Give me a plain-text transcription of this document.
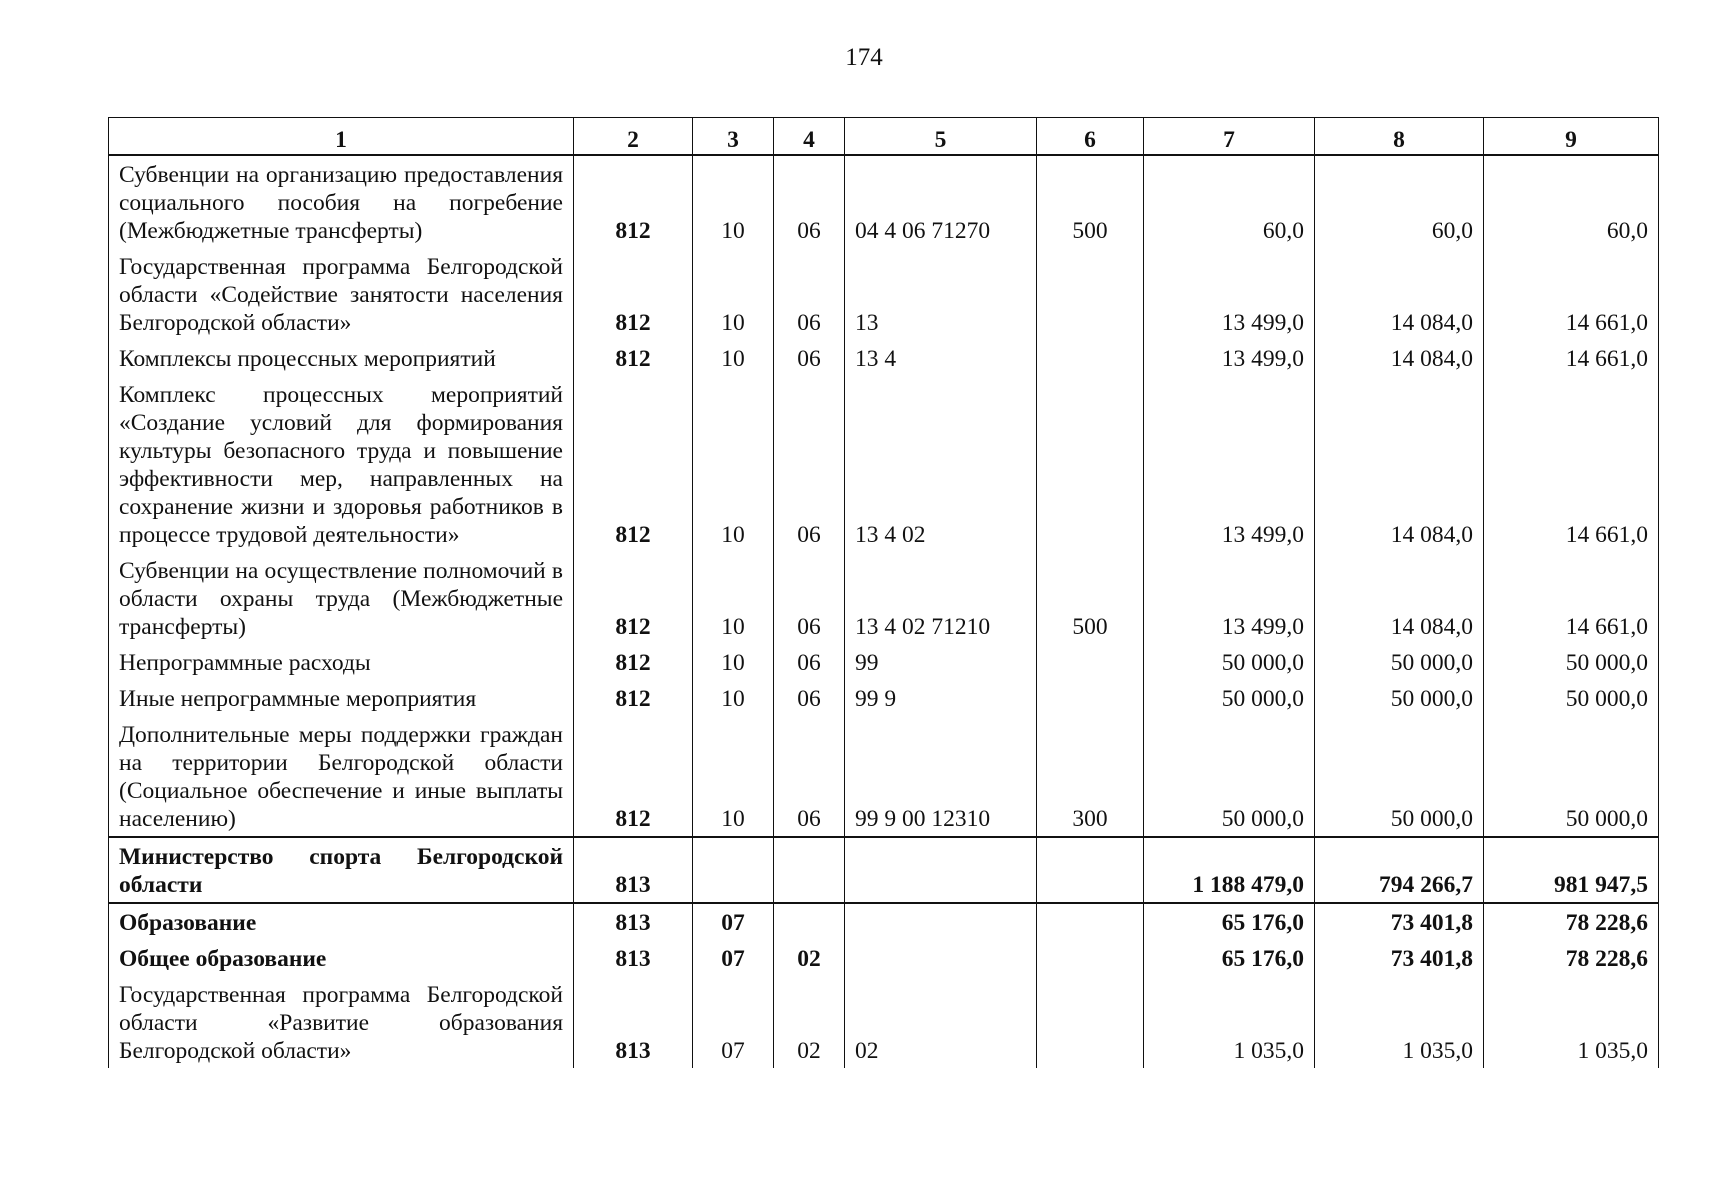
174
1	2	3	4	5	6	7	8	9
Субвенции на организацию предоставления социального пособия на погребение (Межбюджетные трансферты)	812	10	06	04 4 06 71270	500	60,0	60,0	60,0
Государственная программа Белгородской области «Содействие занятости населения Белгородской области»	812	10	06	13		13 499,0	14 084,0	14 661,0
Комплексы процессных мероприятий	812	10	06	13 4		13 499,0	14 084,0	14 661,0
Комплекс процессных мероприятий «Создание условий для формирования культуры безопасного труда и повышение эффективности мер, направленных на сохранение жизни и здоровья работников в процессе трудовой деятельности»	812	10	06	13 4 02		13 499,0	14 084,0	14 661,0
Субвенции на осуществление полномочий в области охраны труда (Межбюджетные трансферты)	812	10	06	13 4 02 71210	500	13 499,0	14 084,0	14 661,0
Непрограммные расходы	812	10	06	99		50 000,0	50 000,0	50 000,0
Иные непрограммные мероприятия	812	10	06	99 9		50 000,0	50 000,0	50 000,0
Дополнительные меры поддержки граждан на территории Белгородской области (Социальное обеспечение и иные выплаты населению)	812	10	06	99 9 00 12310	300	50 000,0	50 000,0	50 000,0
Министерство спорта Белгородской области	813					1 188 479,0	794 266,7	981 947,5
Образование	813	07				65 176,0	73 401,8	78 228,6
Общее образование	813	07	02			65 176,0	73 401,8	78 228,6
Государственная программа Белгородской области «Развитие образования Белгородской области»	813	07	02	02		1 035,0	1 035,0	1 035,0
